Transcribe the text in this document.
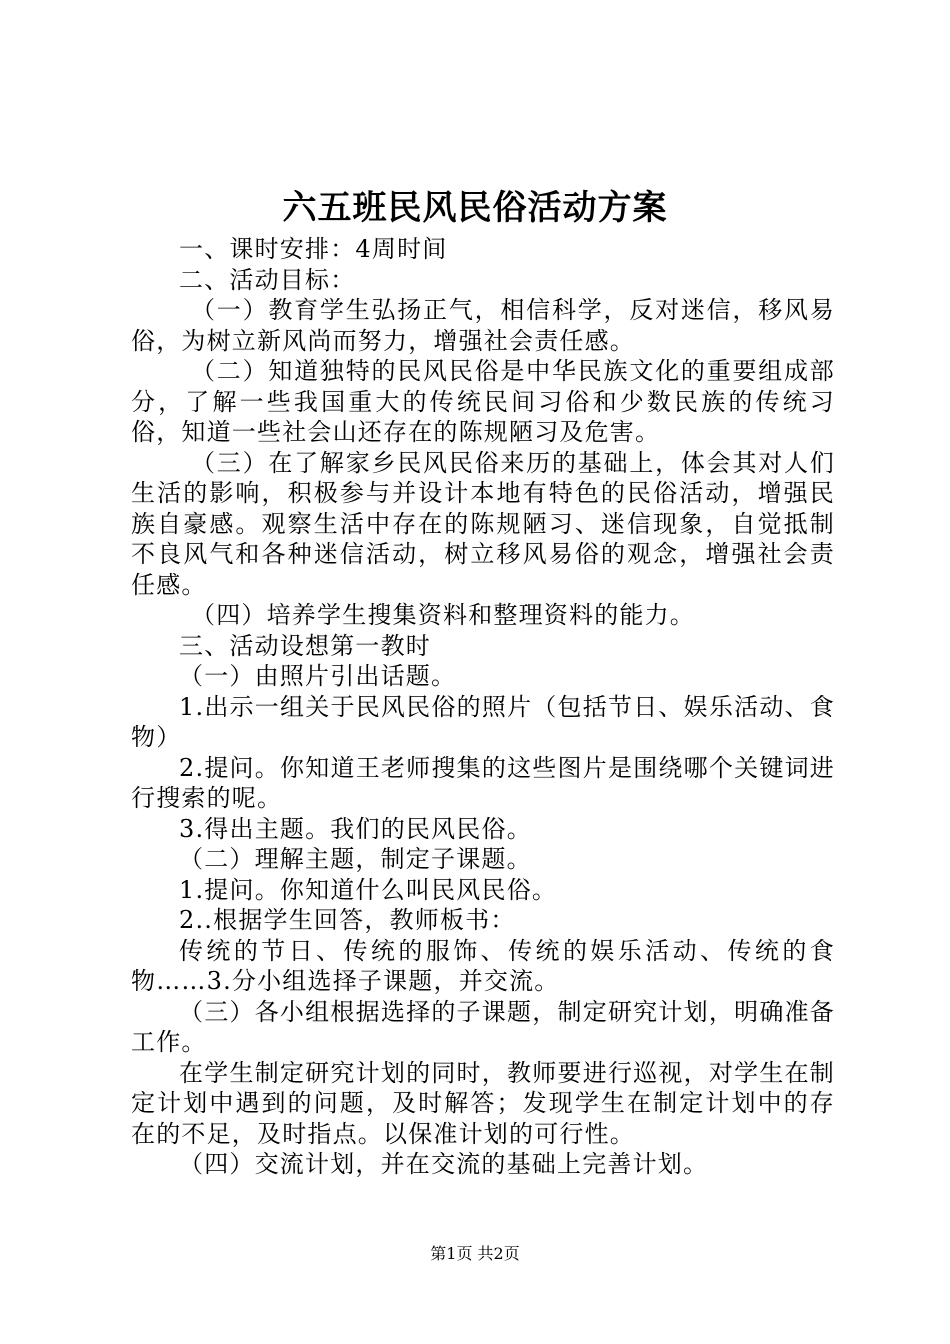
六五班民风民俗活动方案

一、课时安排：4周时间

二、活动目标：

（一）教育学生弘扬正气，相信科学，反对迷信，移风易俗，为树立新风尚而努力，增强社会责任感。

（二）知道独特的民风民俗是中华民族文化的重要组成部分，了解一些我国重大的传统民间习俗和少数民族的传统习俗，知道一些社会山还存在的陈规陋习及危害。

（三）在了解家乡民风民俗来历的基础上，体会其对人们生活的影响，积极参与并设计本地有特色的民俗活动，增强民族自豪感。观察生活中存在的陈规陋习、迷信现象，自觉抵制不良风气和各种迷信活动，树立移风易俗的观念，增强社会责任感。

（四）培养学生搜集资料和整理资料的能力。

三、活动设想第一教时

（一）由照片引出话题。

1.出示一组关于民风民俗的照片（包括节日、娱乐活动、食物）

2.提问。你知道王老师搜集的这些图片是围绕哪个关键词进行搜索的呢。

3.得出主题。我们的民风民俗。

（二）理解主题，制定子课题。

1.提问。你知道什么叫民风民俗。

2..根据学生回答，教师板书：

传统的节日、传统的服饰、传统的娱乐活动、传统的食物……3.分小组选择子课题，并交流。

（三）各小组根据选择的子课题，制定研究计划，明确准备工作。

在学生制定研究计划的同时，教师要进行巡视，对学生在制定计划中遇到的问题，及时解答；发现学生在制定计划中的存在的不足，及时指点。以保准计划的可行性。

（四）交流计划，并在交流的基础上完善计划。

第1页 共2页
